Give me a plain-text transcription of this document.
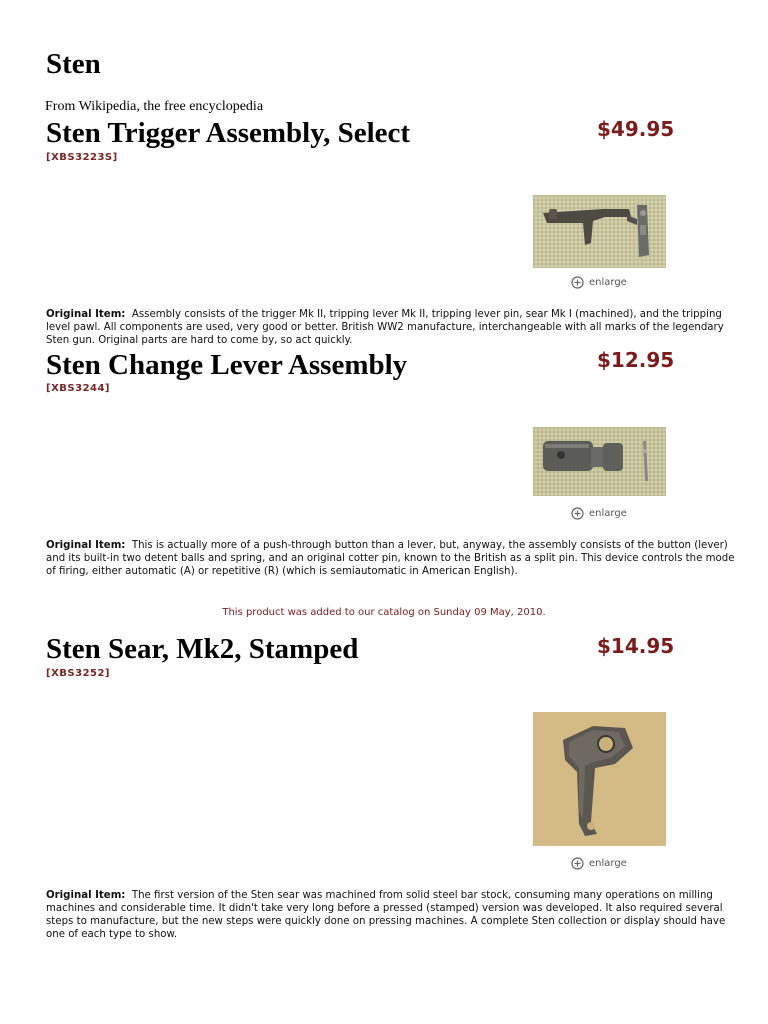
Sten
From Wikipedia, the free encyclopedia
Sten Trigger Assembly, Select
[XBS3223S]
$49.95
enlarge
Original Item: Assembly consists of the trigger Mk II, tripping lever Mk II, tripping lever pin, sear Mk I (machined), and the tripping level pawl. All components are used, very good or better. British WW2 manufacture, interchangeable with all marks of the legendary Sten gun. Original parts are hard to come by, so act quickly.
Sten Change Lever Assembly
[XBS3244]
$12.95
enlarge
Original Item: This is actually more of a push-through button than a lever, but, anyway, the assembly consists of the button (lever) and its built-in two detent balls and spring, and an original cotter pin, known to the British as a split pin. This device controls the mode of firing, either automatic (A) or repetitive (R) (which is semiautomatic in American English).
This product was added to our catalog on Sunday 09 May, 2010.
Sten Sear, Mk2, Stamped
[XBS3252]
$14.95
enlarge
Original Item: The first version of the Sten sear was machined from solid steel bar stock, consuming many operations on milling machines and considerable time. It didn't take very long before a pressed (stamped) version was developed. It also required several steps to manufacture, but the new steps were quickly done on pressing machines. A complete Sten collection or display should have one of each type to show.
